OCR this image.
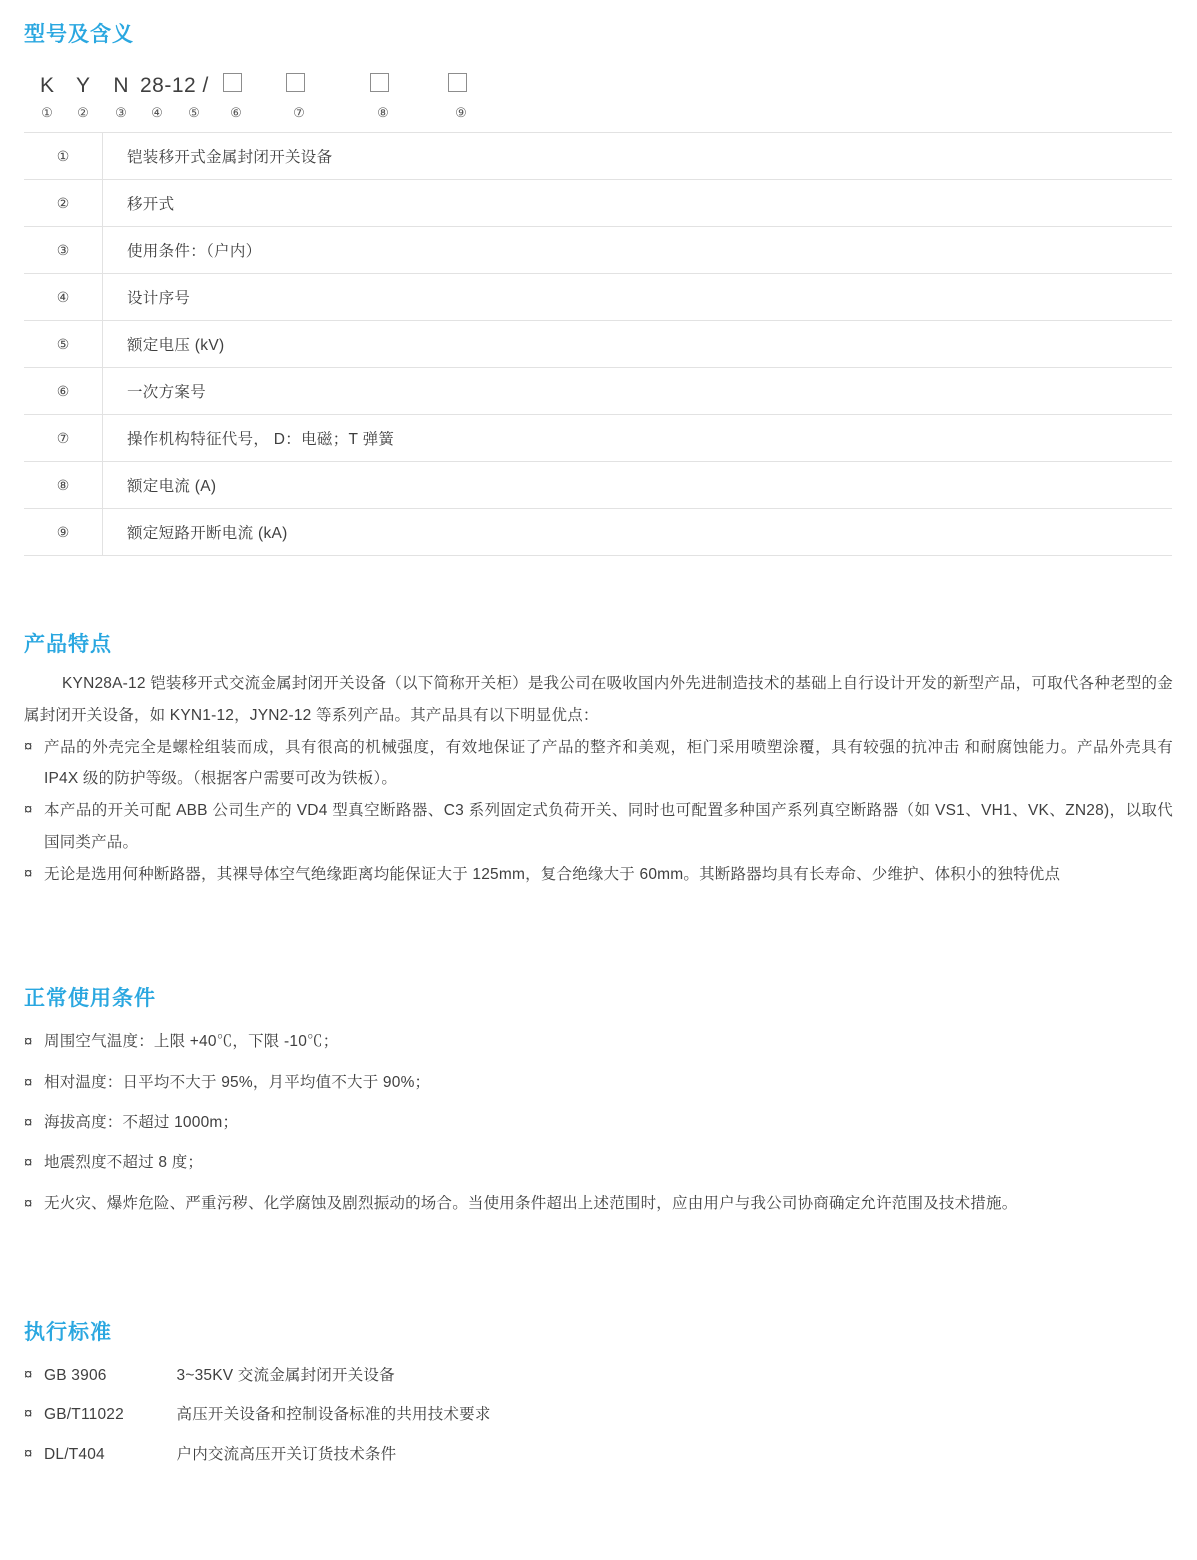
型号及含义
K	Y	N 28-12 /
①	②	③	④	⑤	⑥	⑦	⑧	⑨
①	铠装移开式金属封闭开关设备
②	移开式
③	使用条件：（户内）
④	设计序号
⑤	额定电压 (kV)
⑥	一次方案号
⑦	操作机构特征代号， D：电磁；T 弹簧
⑧	额定电流 (A)
⑨	额定短路开断电流 (kA)
产品特点

KYN28A-12 铠装移开式交流金属封闭开关设备（以下简称开关柜）是我公司在吸收国内外先进制造技术的基础上自行设计开发的新型产品，可取代各种老型的金属封闭开关设备，如 KYN1-12，JYN2-12 等系列产品。其产品具有以下明显优点：

¤ 产品的外壳完全是螺栓组装而成，具有很高的机械强度，有效地保证了产品的整齐和美观，柜门采用喷塑涂覆，具有较强的抗冲击 和耐腐蚀能力。产品外壳具有 IP4X 级的防护等级。（根据客户需要可改为铁板）。
¤ 本产品的开关可配 ABB 公司生产的 VD4 型真空断路器、C3 系列固定式负荷开关、同时也可配置多种国产系列真空断路器（如 VS1、VH1、VK、ZN28)，以取代国同类产品。
¤ 无论是选用何种断路器，其裸导体空气绝缘距离均能保证大于 125mm，复合绝缘大于 60mm。其断路器均具有长寿命、少维护、体积小的独特优点
正常使用条件
¤ 周围空气温度：上限 +40℃，下限 -10℃；
¤ 相对温度：日平均不大于 95%，月平均值不大于 90%；
¤ 海拔高度：不超过 1000m；
¤ 地震烈度不超过 8 度；
¤ 无火灾、爆炸危险、严重污秽、化学腐蚀及剧烈振动的场合。当使用条件超出上述范围时，应由用户与我公司协商确定允许范围及技术措施。
执行标准
¤ GB 3906	3~35KV 交流金属封闭开关设备
¤ GB/T11022	高压开关设备和控制设备标准的共用技术要求
¤ DL/T404	户内交流高压开关订货技术条件
